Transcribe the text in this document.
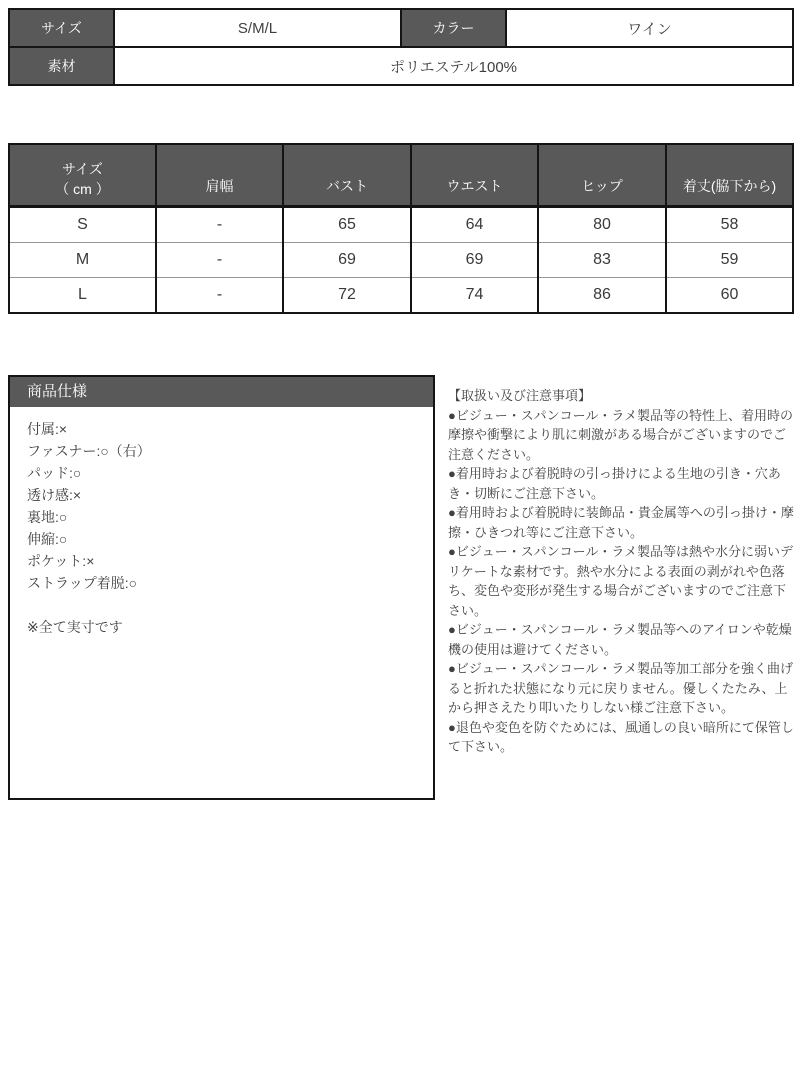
サイズ	S/M/L	カラー	ワイン
素材	ポリエステル100%		
サイズ
（ cm ）	肩幅	バスト	ウエスト	ヒップ	着丈(脇下から)
S	-	65	64	80	58
M	-	69	69	83	59
L	-	72	74	86	60
商品仕様
付属:×
ファスナー:○（右）
パッド:○
透け感:×
裏地:○
伸縮:○
ポケット:×
ストラップ着脱:○
※全て実寸です

【取扱い及び注意事項】

●ビジュー・スパンコール・ラメ製品等の特性上、着用時の摩擦や衝撃により肌に刺激がある場合がございますのでご注意ください。

●着用時および着脱時の引っ掛けによる生地の引き・穴あき・切断にご注意下さい。

●着用時および着脱時に装飾品・貴金属等への引っ掛け・摩擦・ひきつれ等にご注意下さい。

●ビジュー・スパンコール・ラメ製品等は熱や水分に弱いデリケートな素材です。熱や水分による表面の剥がれや色落ち、変色や変形が発生する場合がございますのでご注意下さい。

●ビジュー・スパンコール・ラメ製品等へのアイロンや乾燥機の使用は避けてください。

●ビジュー・スパンコール・ラメ製品等加工部分を強く曲げると折れた状態になり元に戻りません。優しくたたみ、上から押さえたり叩いたりしない様ご注意下さい。

●退色や変色を防ぐためには、風通しの良い暗所にて保管して下さい。
